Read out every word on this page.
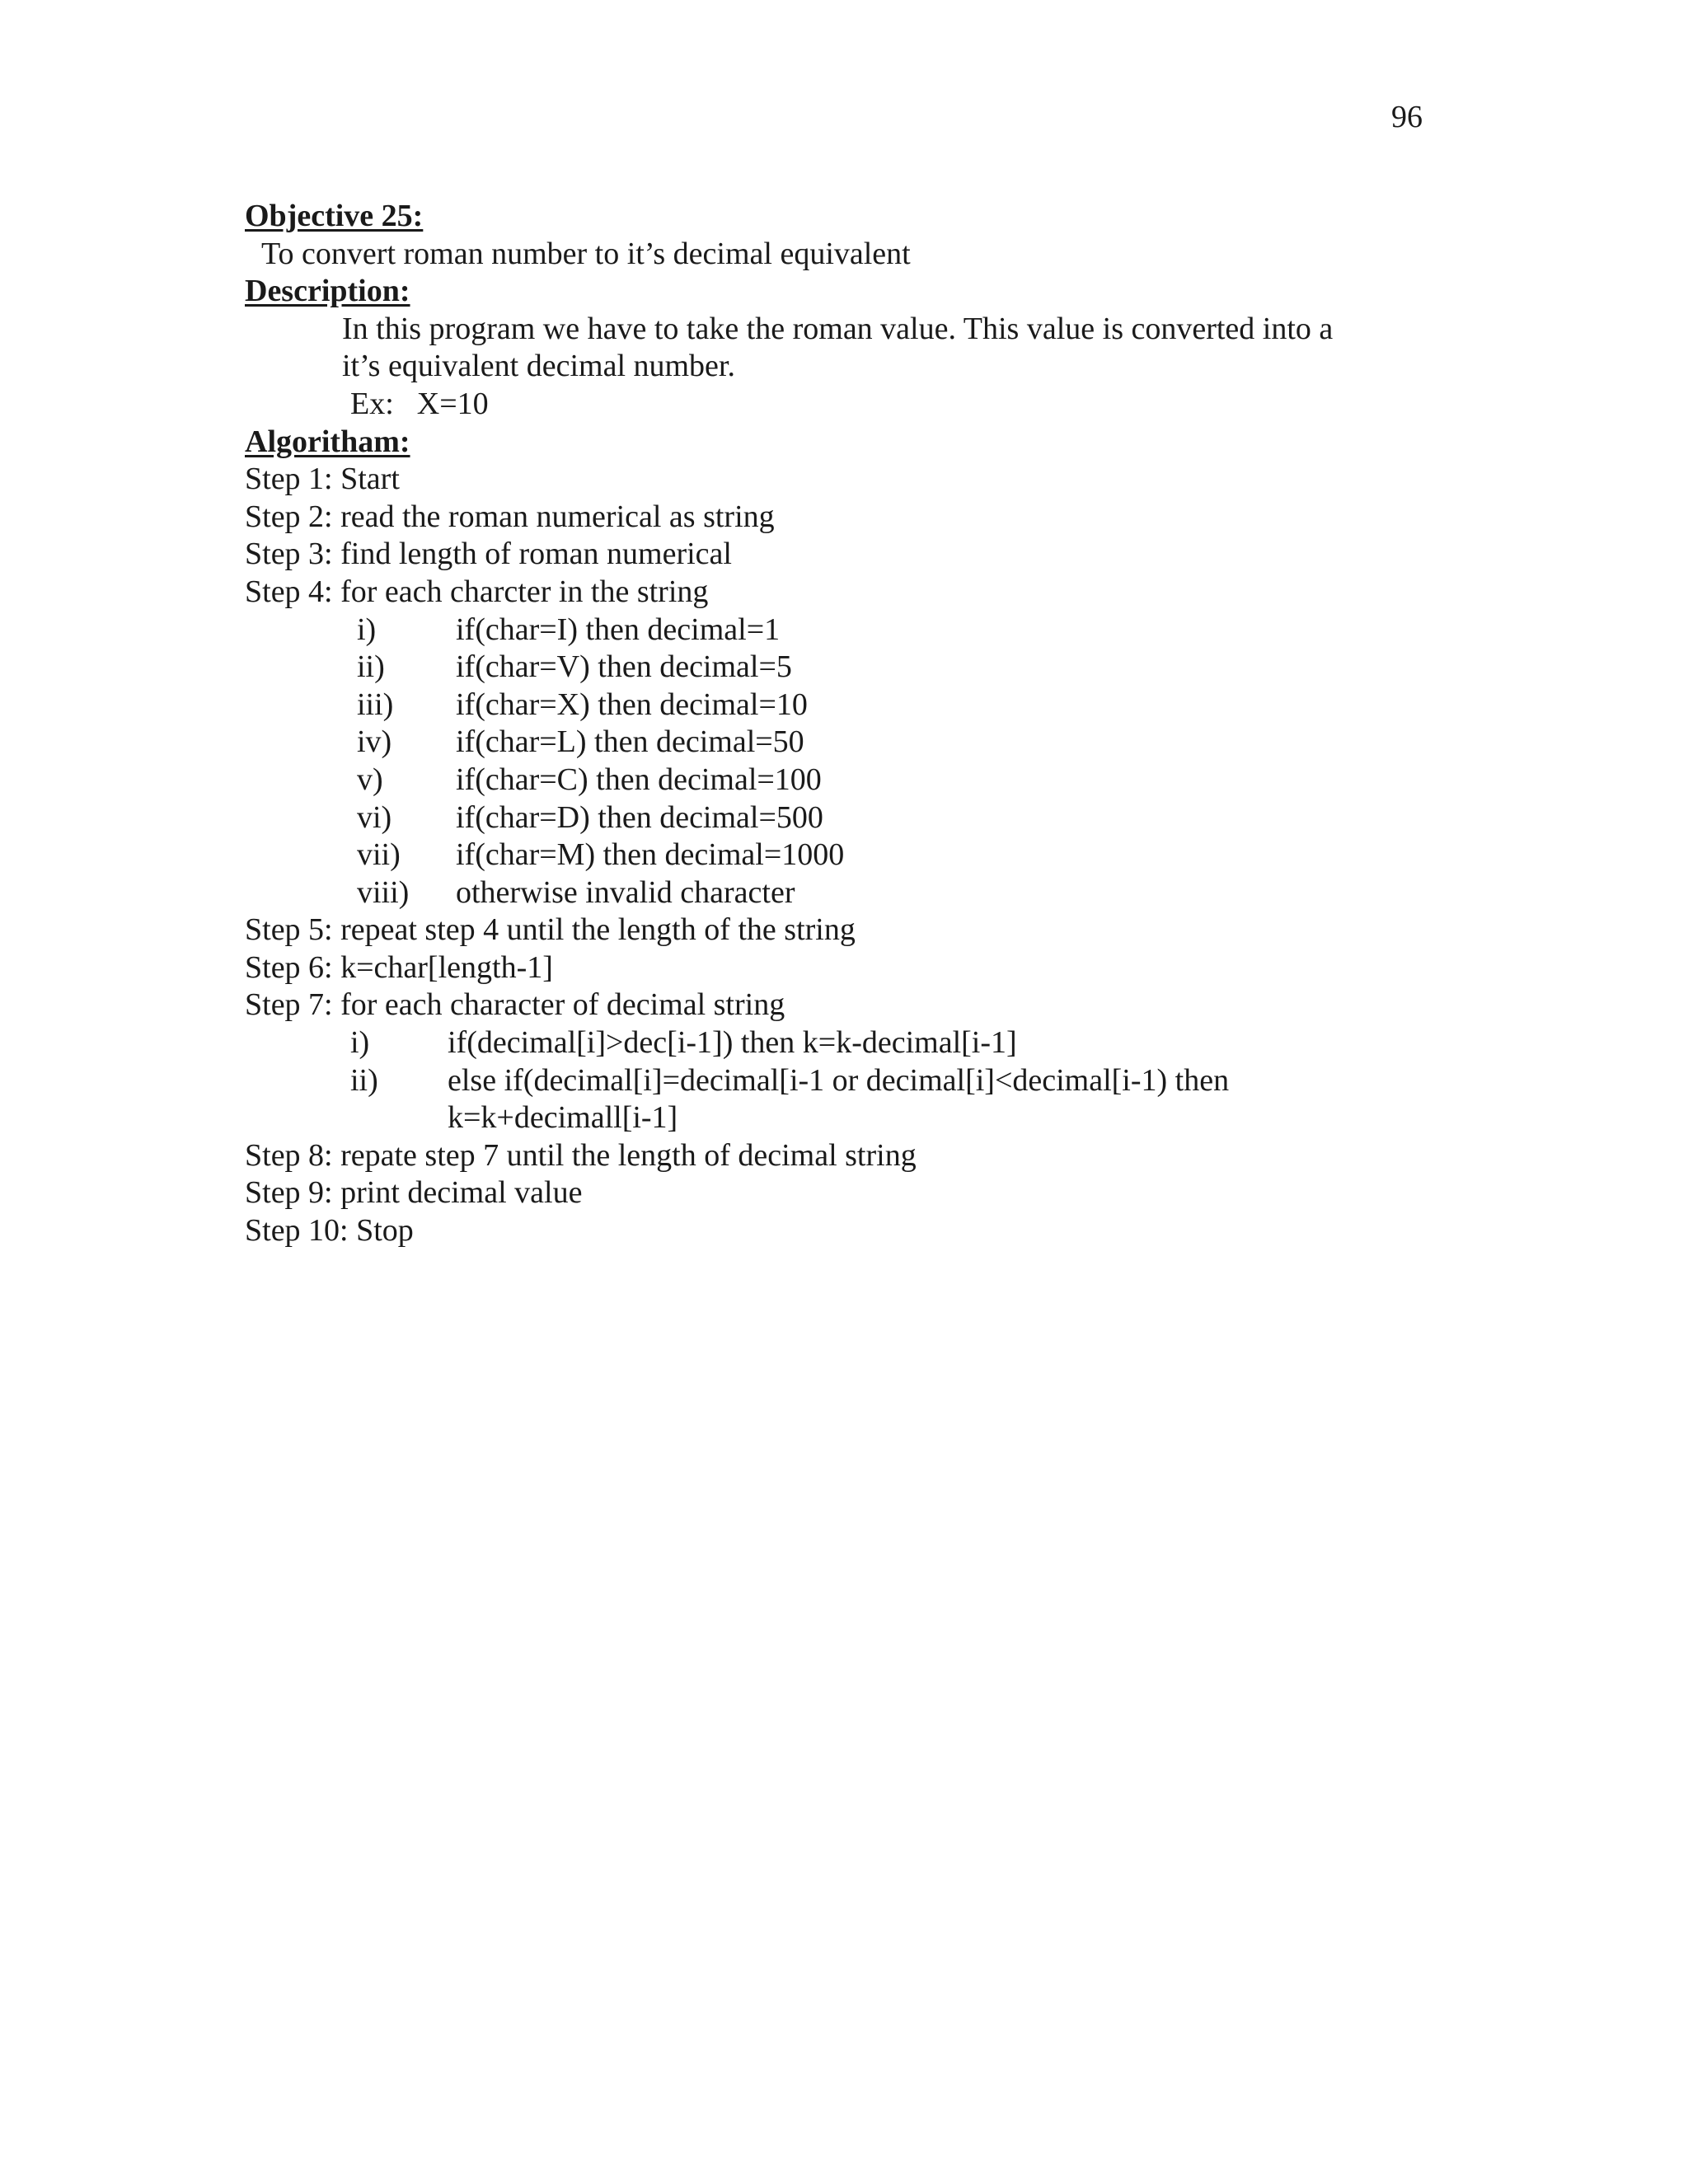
96
Objective 25:
To convert roman number to it’s decimal equivalent
Description:
In this program we have to take the roman value. This value is converted into a
it’s equivalent decimal number.
Ex: X=10
Algoritham:
Step 1: Start
Step 2: read the roman numerical as string
Step 3: find length of roman numerical
Step 4: for each charcter in the string
i)	if(char=I) then decimal=1
ii)	if(char=V) then decimal=5
iii)	if(char=X) then decimal=10
iv)	if(char=L) then decimal=50
v)	if(char=C) then decimal=100
vi)	if(char=D) then decimal=500
vii)	if(char=M) then decimal=1000
viii)	otherwise invalid character
Step 5: repeat step 4 until the length of the string
Step 6: k=char[length-1]
Step 7: for each character of decimal string
i)	if(decimal[i]>dec[i-1]) then k=k-decimal[i-1]
ii)	else if(decimal[i]=decimal[i-1 or decimal[i]<decimal[i-1) then
k=k+decimall[i-1]
Step 8: repate step 7 until the length of decimal string
Step 9: print decimal value
Step 10: Stop
